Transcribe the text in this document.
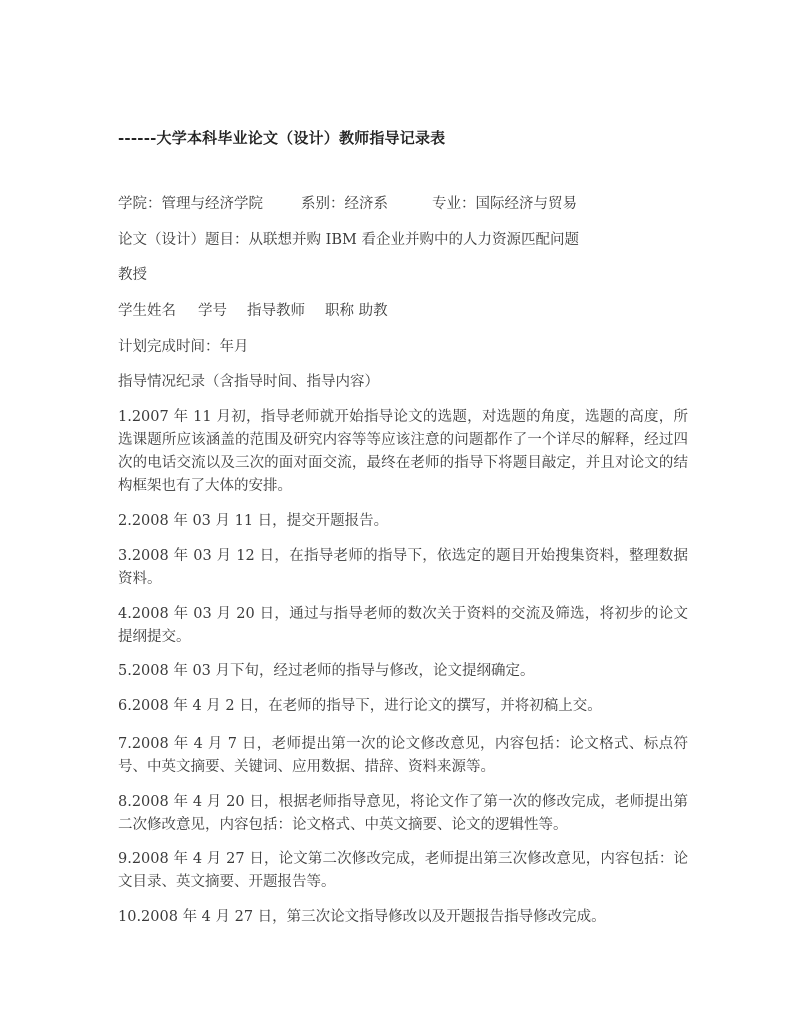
------大学本科毕业论文（设计）教师指导记录表
学院：管理与经济学院	系别：经济系	专业：国际经济与贸易
论文（设计）题目：从联想并购 IBM 看企业并购中的人力资源匹配问题
教授
学生姓名 学号 指导教师 职称 助教
计划完成时间：年月
指导情况纪录（含指导时间、指导内容）
1.2007 年 11 月初，指导老师就开始指导论文的选题，对选题的角度，选题的高度，所选课题所应该涵盖的范围及研究内容等等应该注意的问题都作了一个详尽的解释，经过四次的电话交流以及三次的面对面交流，最终在老师的指导下将题目敲定，并且对论文的结构框架也有了大体的安排。
2.2008 年 03 月 11 日，提交开题报告。
3.2008 年 03 月 12 日，在指导老师的指导下，依选定的题目开始搜集资料，整理数据资料。
4.2008 年 03 月 20 日，通过与指导老师的数次关于资料的交流及筛选，将初步的论文提纲提交。
5.2008 年 03 月下旬，经过老师的指导与修改，论文提纲确定。
6.2008 年 4 月 2 日，在老师的指导下，进行论文的撰写，并将初稿上交。
7.2008 年 4 月 7 日，老师提出第一次的论文修改意见，内容包括：论文格式、标点符号、中英文摘要、关键词、应用数据、措辞、资料来源等。
8.2008 年 4 月 20 日，根据老师指导意见，将论文作了第一次的修改完成，老师提出第二次修改意见，内容包括：论文格式、中英文摘要、论文的逻辑性等。
9.2008 年 4 月 27 日，论文第二次修改完成，老师提出第三次修改意见，内容包括：论文目录、英文摘要、开题报告等。
10.2008 年 4 月 27 日，第三次论文指导修改以及开题报告指导修改完成。
